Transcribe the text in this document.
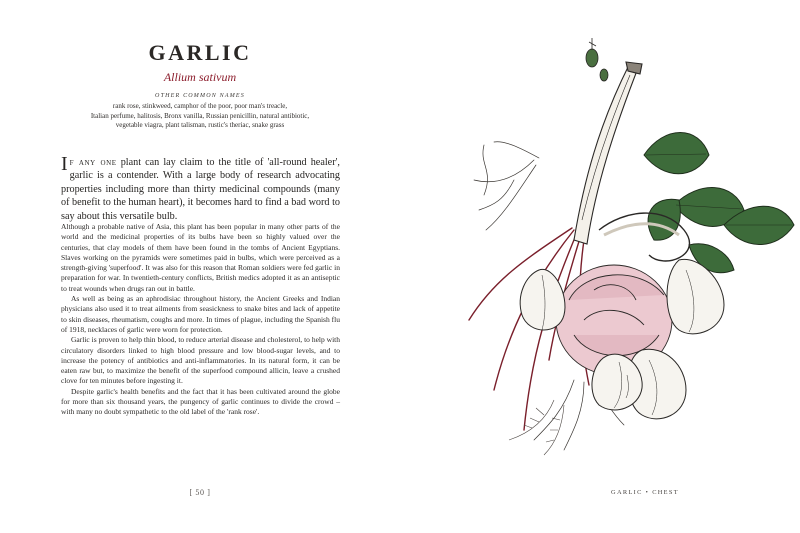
GARLIC
Allium sativum
OTHER COMMON NAMES
rank rose, stinkweed, camphor of the poor, poor man's treacle,
Italian perfume, halitosis, Bronx vanilla, Russian penicillin, natural antibiotic,
vegetable viagra, plant talisman, rustic's theriac, snake grass

If any one plant can lay claim to the title of 'all-round healer', garlic is a contender. With a large body of research advocating properties including more than thirty medicinal compounds (many of benefit to the human heart), it becomes hard to find a bad word to say about this versatile bulb.

Although a probable native of Asia, this plant has been popular in many other parts of the world and the medicinal properties of its bulbs have been so highly valued over the centuries, that clay models of them have been found in the tombs of Ancient Egyptians. Slaves working on the pyramids were sometimes paid in bulbs, which were perceived as a strength-giving 'superfood'. It was also for this reason that Roman soldiers were fed garlic in preparation for war. In twentieth-century conflicts, British medics adopted it as an antiseptic to treat wounds when drugs ran out in battle.

As well as being as an aphrodisiac throughout history, the Ancient Greeks and Indian physicians also used it to treat ailments from seasickness to snake bites and lack of appetite to skin diseases, rheumatism, coughs and more. In times of plague, including the Spanish flu of 1918, necklaces of garlic were worn for protection.

Garlic is proven to help thin blood, to reduce arterial disease and cholesterol, to help with circulatory disorders linked to high blood pressure and low blood-sugar levels, and to increase the potency of antibiotics and anti-inflammatories. In its natural form, it can be eaten raw but, to maximize the benefit of the superfood compound allicin, leave a crushed clove for ten minutes before ingesting it.

Despite garlic's health benefits and the fact that it has been cultivated around the globe for more than six thousand years, the pungency of garlic continues to divide the crowd – with many no doubt sympathetic to the old label of the 'rank rose'.

[ 50 ]	GARLIC • CHEST
